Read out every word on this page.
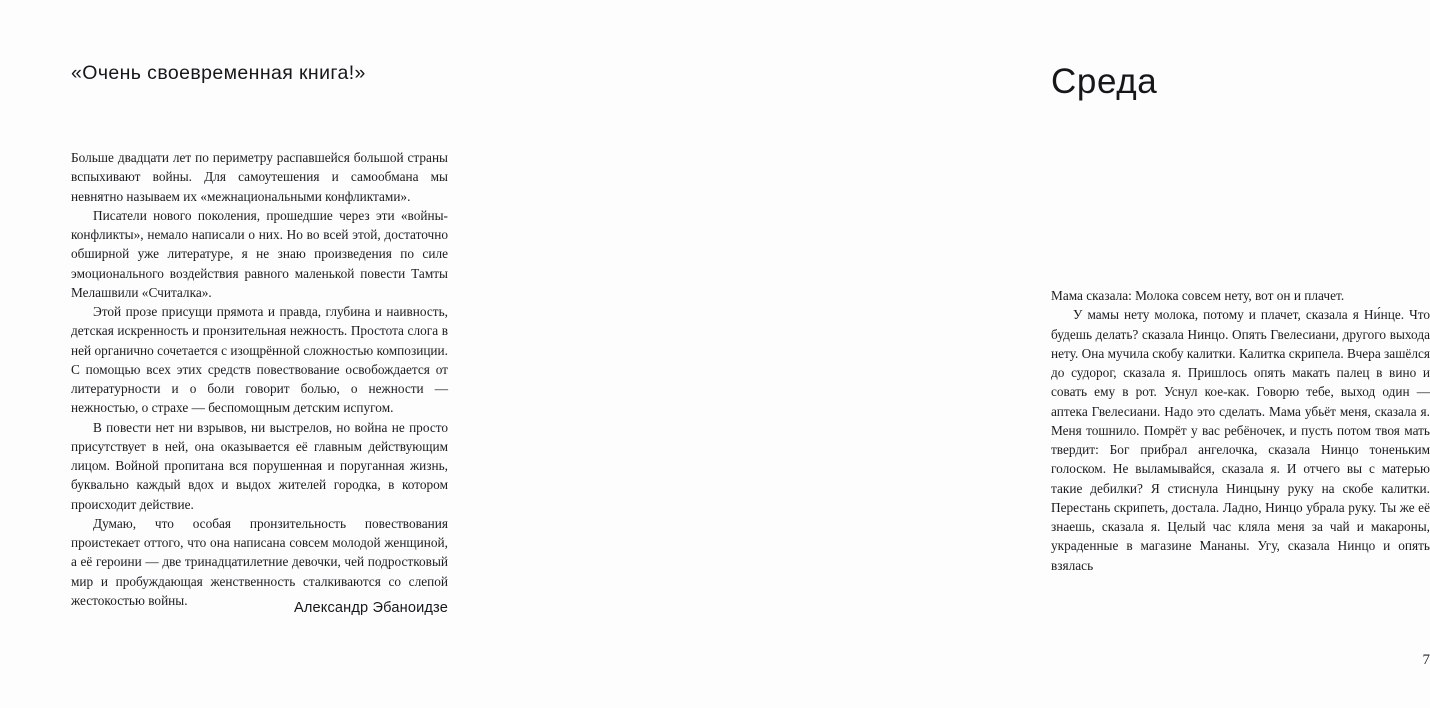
«Очень своевременная книга!»

Больше двадцати лет по периметру распавшейся большой страны вспыхивают войны. Для самоутешения и самообмана мы невнятно называем их «межнациональными конфликтами».

Писатели нового поколения, прошедшие через эти «войны-конфликты», немало написали о них. Но во всей этой, достаточно обширной уже литературе, я не знаю произведения по силе эмоционального воздействия равного маленькой повести Тамты Мелашвили «Считалка».

Этой прозе присущи прямота и правда, глубина и наивность, детская искренность и пронзительная нежность. Простота слога в ней органично сочетается с изощрённой сложностью композиции. С помощью всех этих средств повествование освобождается от литературности и о боли говорит болью, о нежности — нежностью, о страхе — беспомощным детским испугом.

В повести нет ни взрывов, ни выстрелов, но война не просто присутствует в ней, она оказывается её главным действующим лицом. Войной пропитана вся порушенная и поруганная жизнь, буквально каждый вдох и выдох жителей городка, в котором происходит действие.

Думаю, что особая пронзительность повествования проистекает оттого, что она написана совсем молодой женщиной, а её героини — две тринадцатилетние девочки, чей подростковый мир и пробуждающая женственность сталкиваются со слепой жестокостью войны.	Александр Эбаноидзе
Среда

Мама сказала: Молока совсем нету, вот он и плачет.

У мамы нету молока, потому и плачет, сказала я Ни́нце. Что будешь делать? сказала Нинцо. Опять Гвелесиани, другого выхода нету. Она мучила скобу калитки. Калитка скрипела. Вчера зашёлся до судорог, сказала я. Пришлось опять макать палец в вино и совать ему в рот. Уснул кое-как. Говорю тебе, выход один — аптека Гвелесиани. Надо это сделать. Мама убьёт меня, сказала я. Меня тошнило. Помрёт у вас ребёночек, и пусть потом твоя мать твердит: Бог прибрал ангелочка, сказала Нинцо тоненьким голоском. Не выламывайся, сказала я. И отчего вы с матерью такие дебилки? Я стиснула Нинцыну руку на скобе калитки. Перестань скрипеть, достала. Ладно, Нинцо убрала руку. Ты же её знаешь, сказала я. Целый час кляла меня за чай и макароны, украденные в магазине Мананы. Угу, сказала Нинцо и опять взялась

7
